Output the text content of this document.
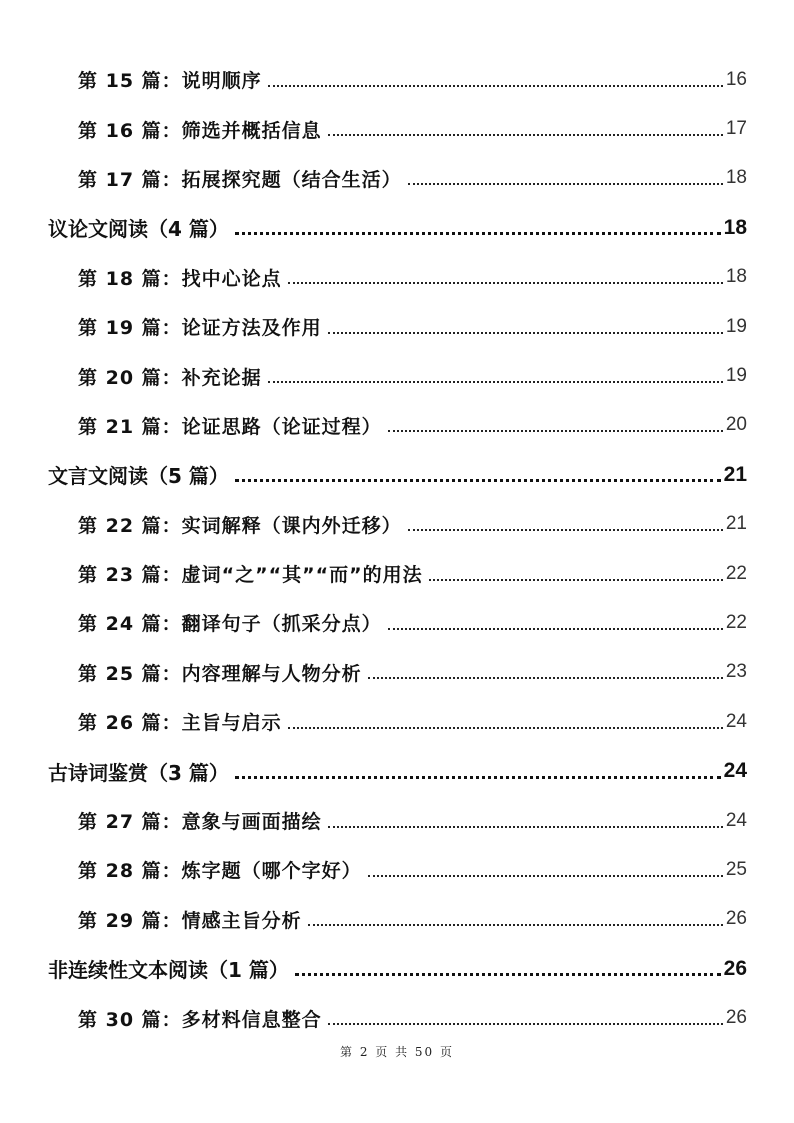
第 15 篇：说明顺序	16
第 16 篇：筛选并概括信息	17
第 17 篇：拓展探究题（结合生活）	18
议论文阅读（4 篇）	18
第 18 篇：找中心论点	18
第 19 篇：论证方法及作用	19
第 20 篇：补充论据	19
第 21 篇：论证思路（论证过程）	20
文言文阅读（5 篇）	21
第 22 篇：实词解释（课内外迁移）	21
第 23 篇：虚词“之”“其”“而”的用法	22
第 24 篇：翻译句子（抓采分点）	22
第 25 篇：内容理解与人物分析	23
第 26 篇：主旨与启示	24
古诗词鉴赏（3 篇）	24
第 27 篇：意象与画面描绘	24
第 28 篇：炼字题（哪个字好）	25
第 29 篇：情感主旨分析	26
非连续性文本阅读（1 篇）	26
第 30 篇：多材料信息整合	26
第 2 页 共 50 页
